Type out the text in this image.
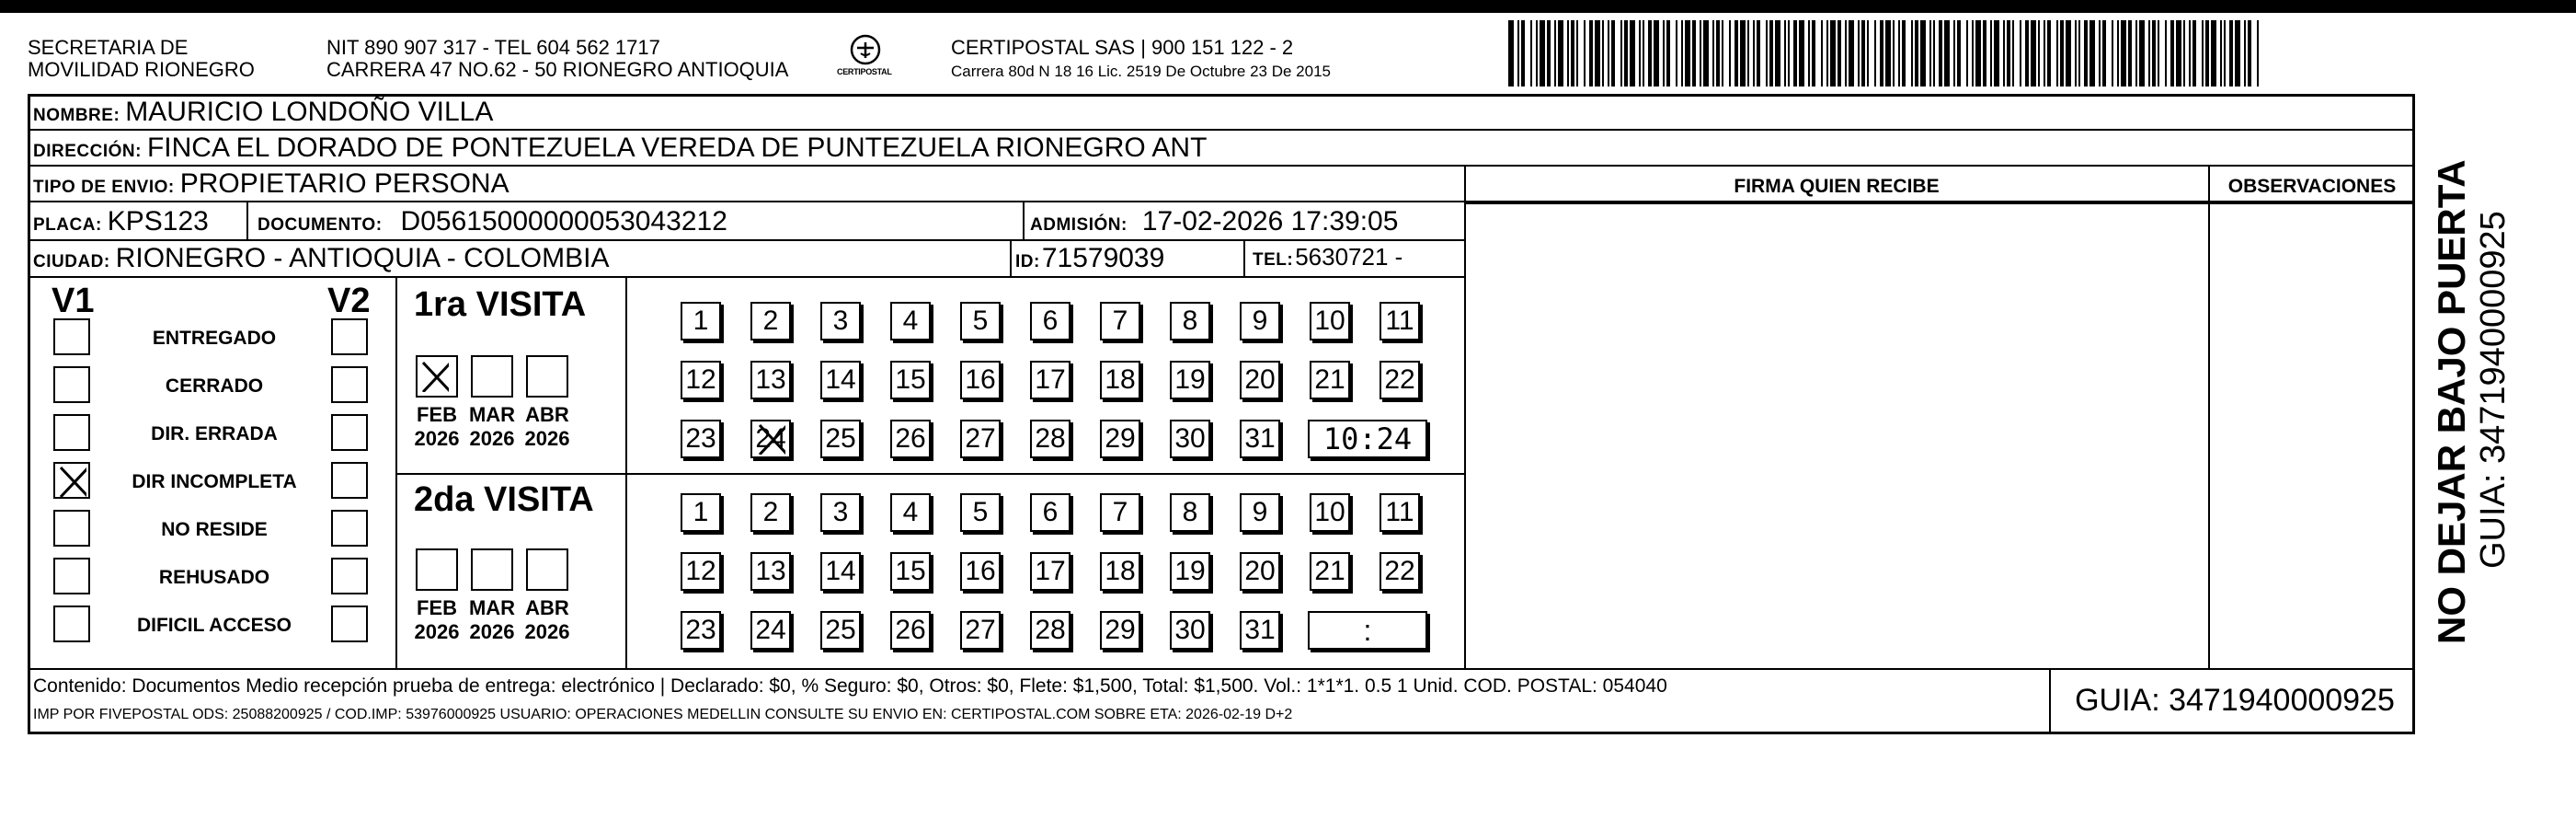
SECRETARIA DE
MOVILIDAD RIONEGRO
NIT 890 907 317 - TEL 604 562 1717
CARRERA 47 NO.62 - 50 RIONEGRO ANTIOQUIA	CERTIPOSTAL
CERTIPOSTAL SAS | 900 151 122 - 2
Carrera 80d N 18 16 Lic. 2519 De Octubre 23 De 2015
NOMBRE: MAURICIO LONDOÑO VILLA
DIRECCIÓN: FINCA EL DORADO DE PONTEZUELA VEREDA DE PUNTEZUELA RIONEGRO ANT
TIPO DE ENVIO: PROPIETARIO PERSONA	FIRMA QUIEN RECIBE	OBSERVACIONES
PLACA: KPS123	DOCUMENTO: D05615000000053043212	ADMISIÓN: 17-02-2026 17:39:05
CIUDAD: RIONEGRO - ANTIOQUIA - COLOMBIA	ID: 71579039	TEL: 5630721 -
V1	V2
ENTREGADO
CERRADO
DIR. ERRADA
DIR INCOMPLETA
NO RESIDE
REHUSADO
DIFICIL ACCESO
1ra VISITA
FEB
2026
MAR
2026
ABR
2026
1	2	3	4	5	6	7	8	9	10 11
12 13 14 15 16 17 18 19 20 21 22
23 24 25 26 27 28 29 30 31	10:24
2da VISITA
FEB
2026
MAR
2026
ABR
2026
1	2	3	4	5	6	7	8	9	10 11
12 13 14 15 16 17 18 19 20 21 22
23 24 25 26 27 28 29 30 31	:
Contenido: Documentos Medio recepción prueba de entrega: electrónico | Declarado: $0, % Seguro: $0, Otros: $0, Flete: $1,500, Total: $1,500. Vol.: 1*1*1. 0.5 1 Unid. COD. POSTAL: 054040
IMP POR FIVEPOSTAL ODS: 25088200925 / COD.IMP: 53976000925 USUARIO: OPERACIONES MEDELLIN CONSULTE SU ENVIO EN: CERTIPOSTAL.COM SOBRE ETA: 2026-02-19 D+2	GUIA: 3471940000925
NO DEJAR BAJO PUERTA GUIA: 3471940000925
